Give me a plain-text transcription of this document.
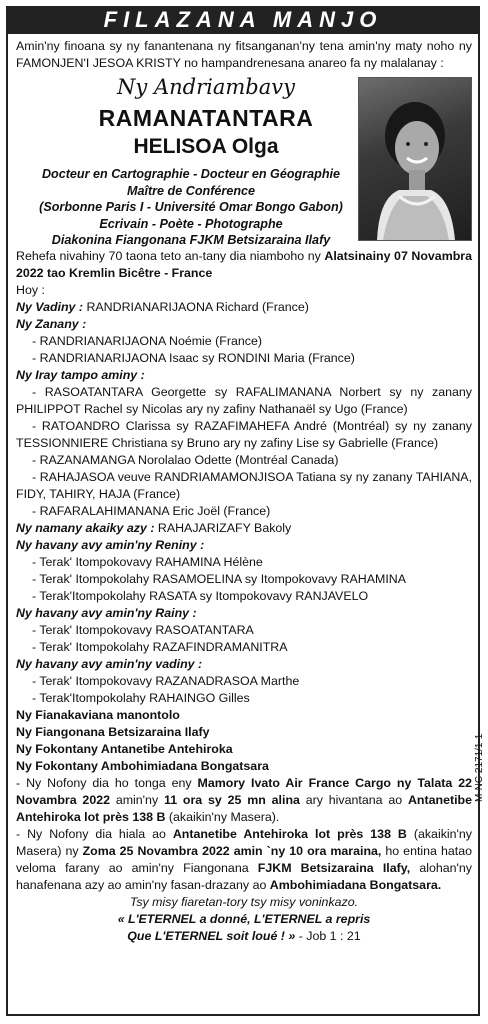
FILAZANA MANJO
Amin'ny finoana sy ny fanantenana ny fitsanganan'ny tena amin'ny maty noho ny FAMONJEN'I JESOA KRISTY no hampandrenesana anareo fa ny malalanay :
Ny Andriambavy
RAMANATANTARA
HELISOA Olga
Docteur en Cartographie - Docteur en Géographie
Maître de Conférence
(Sorbonne Paris I - Université Omar Bongo Gabon)
Ecrivain - Poète - Photographe
Diakonina Fiangonana FJKM Betsizaraina Ilafy
Rehefa nivahiny 70 taona teto an-tany dia niamboho ny Alatsinainy 07 Novambra 2022 tao Kremlin Bicêtre - France
Hoy :
Ny Vadiny : RANDRIANARIJAONA Richard (France)
Ny Zanany :
- RANDRIANARIJAONA Noémie (France)
- RANDRIANARIJAONA Isaac sy RONDINI Maria (France)
Ny Iray tampo aminy :
- RASOATANTARA Georgette sy RAFALIMANANA Norbert sy ny zanany PHILIPPOT Rachel sy Nicolas ary ny zafiny Nathanaël sy Ugo (France)
- RATOANDRO Clarissa sy RAZAFIMAHEFA André (Montréal) sy ny zanany TESSIONNIERE Christiana sy Bruno ary ny zafiny Lise sy Gabrielle (France)
- RAZANAMANGA Norolalao Odette (Montréal Canada)
- RAHAJASOA veuve RANDRIAMAMONJISOA Tatiana sy ny zanany TAHIANA, FIDY, TAHIRY, HAJA (France)
- RAFARALAHIMANANA Eric Joël (France)
Ny namany akaiky azy : RAHAJARIZAFY Bakoly
Ny havany avy amin'ny Reniny :
- Terak' Itompokovavy RAHAMINA Hélène
- Terak' Itompokolahy RASAMOELINA sy Itompokovavy RAHAMINA
- Terak'Itompokolahy RASATA sy Itompokovavy RANJAVELO
Ny havany avy amin'ny Rainy :
- Terak' Itompokovavy RASOATANTARA
- Terak' Itompokolahy RAZAFINDRAMANITRA
Ny havany avy amin'ny vadiny :
- Terak' Itompokovavy RAZANADRASOA Marthe
- Terak'Itompokolahy RAHAINGO Gilles
Ny Fianakaviana manontolo
Ny Fiangonana Betsizaraina Ilafy
Ny Fokontany Antanetibe Antehiroka
Ny Fokontany Ambohimiadana Bongatsara
- Ny Nofony dia ho tonga eny Mamory Ivato Air France Cargo ny Talata 22 Novambra 2022 amin'ny 11 ora sy 25 mn alina ary hivantana ao Antanetibe Antehiroka lot près 138 B (akaikin'ny Masera).
- Ny Nofony dia hiala ao Antanetibe Antehiroka lot près 138 B (akaikin'ny Masera) ny Zoma 25 Novambra 2022 amin `ny 10 ora maraina, ho entina hatao veloma farany ao amin'ny Fiangonana FJKM Betsizaraina Ilafy, alohan'ny hanafenana azy ao amin'ny fasan-drazany ao Ambohimiadana Bongatsara.
Tsy misy fiaretan-tory tsy misy voninkazo.
« L'ETERNEL a donné, L'ETERNEL a repris
Que L'ETERNEL soit loué ! » - Job 1 : 21
M-NC 2171/1-1
